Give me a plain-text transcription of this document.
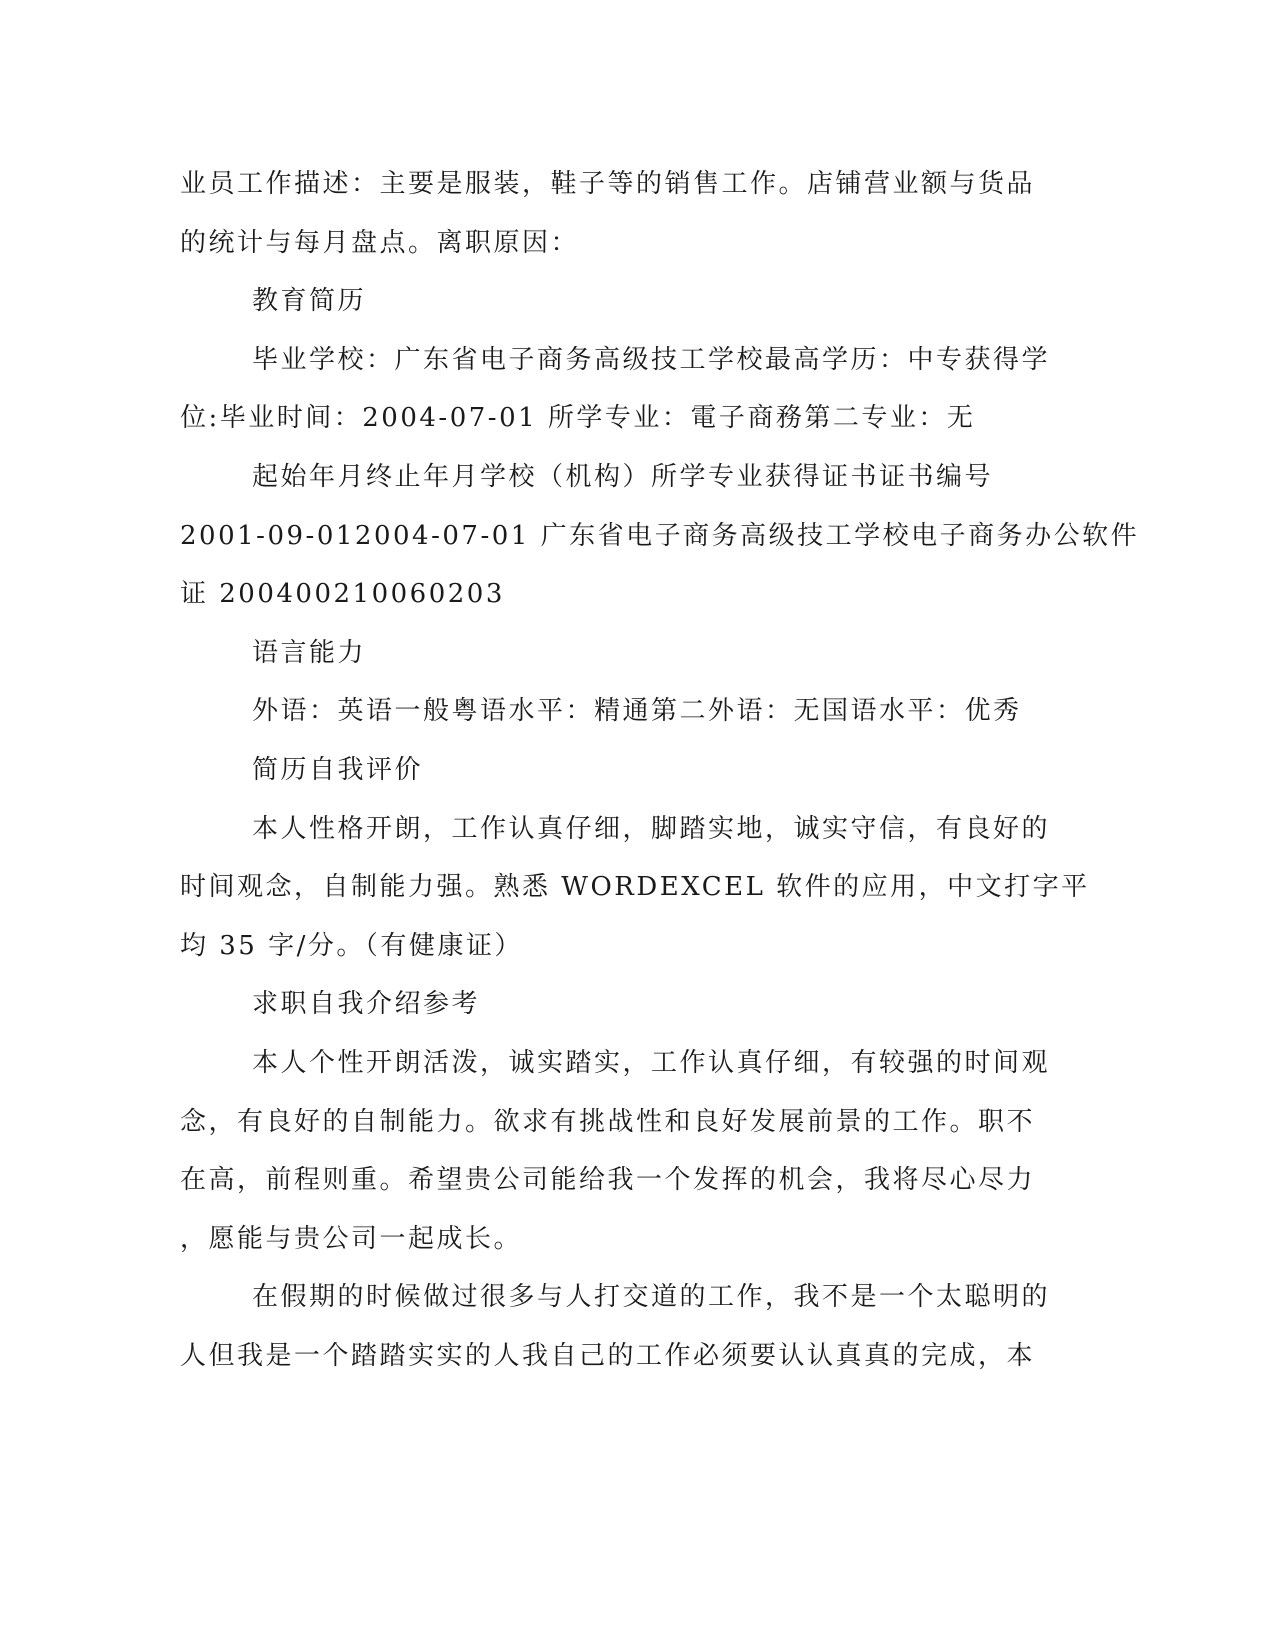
业员工作描述：主要是服装，鞋子等的销售工作。店铺营业额与货品
的统计与每月盘点。离职原因：
教育简历
毕业学校：广东省电子商务高级技工学校最高学历：中专获得学
位:毕业时间：2004-07-01 所学专业：電子商務第二专业：无
起始年月终止年月学校（机构）所学专业获得证书证书编号
2001-09-012004-07-01 广东省电子商务高级技工学校电子商务办公软件
证 200400210060203
语言能力
外语：英语一般粤语水平：精通第二外语：无国语水平：优秀
简历自我评价
本人性格开朗，工作认真仔细，脚踏实地，诚实守信，有良好的
时间观念，自制能力强。熟悉 WORDEXCEL 软件的应用，中文打字平
均 35 字/分。（有健康证）
求职自我介绍参考
本人个性开朗活泼，诚实踏实，工作认真仔细，有较强的时间观
念，有良好的自制能力。欲求有挑战性和良好发展前景的工作。职不
在高，前程则重。希望贵公司能给我一个发挥的机会，我将尽心尽力
，愿能与贵公司一起成长。
在假期的时候做过很多与人打交道的工作，我不是一个太聪明的
人但我是一个踏踏实实的人我自己的工作必须要认认真真的完成，本
